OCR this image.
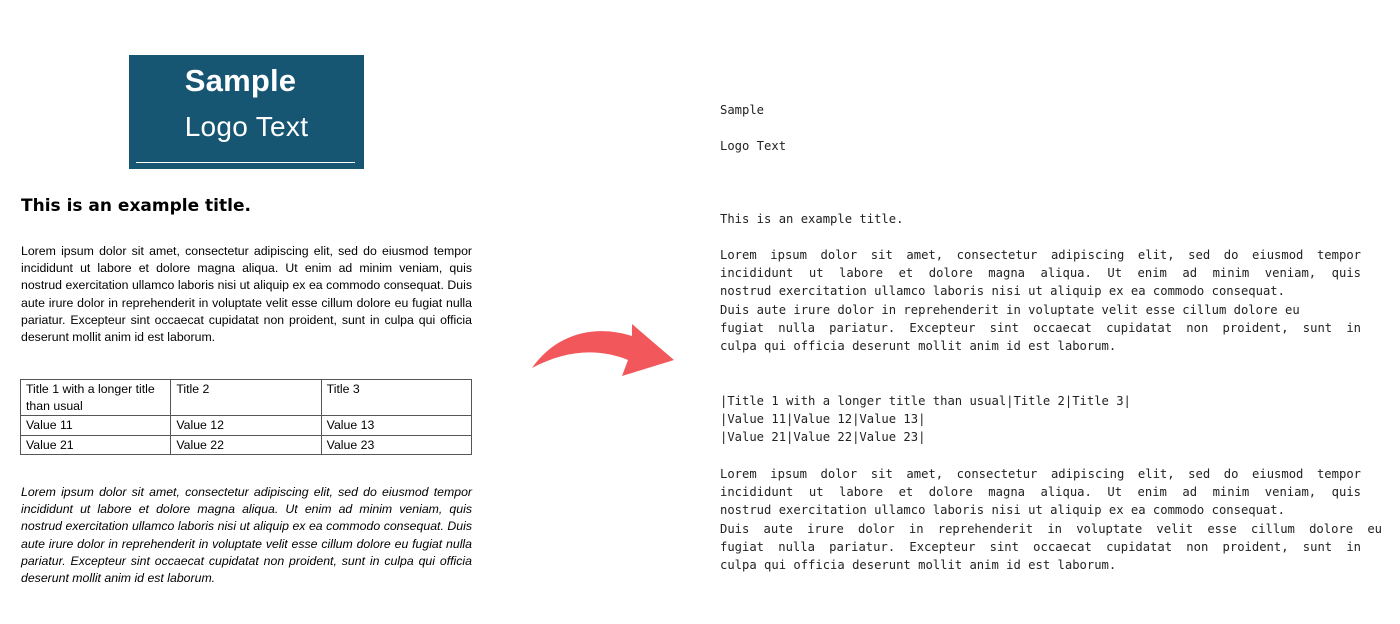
Sample
Logo Text
This is an example title.

Lorem ipsum dolor sit amet, consectetur adipiscing elit, sed do eiusmod tempor incididunt ut labore et dolore magna aliqua. Ut enim ad minim veniam, quis nostrud exercitation ullamco laboris nisi ut aliquip ex ea commodo consequat. Duis aute irure dolor in reprehenderit in voluptate velit esse cillum dolore eu fugiat nulla pariatur. Excepteur sint occaecat cupidatat non proident, sunt in culpa qui officia deserunt mollit anim id est laborum.

Title 1 with a longer title than usual	Title 2	Title 3
Value 11	Value 12	Value 13
Value 21	Value 22	Value 23

Lorem ipsum dolor sit amet, consectetur adipiscing elit, sed do eiusmod tempor incididunt ut labore et dolore magna aliqua. Ut enim ad minim veniam, quis nostrud exercitation ullamco laboris nisi ut aliquip ex ea commodo consequat. Duis aute irure dolor in reprehenderit in voluptate velit esse cillum dolore eu fugiat nulla pariatur. Excepteur sint occaecat cupidatat non proident, sunt in culpa qui officia deserunt mollit anim id est laborum.

Sample
Logo Text
This is an example title.
Lorem ipsum dolor sit amet, consectetur adipiscing elit, sed do eiusmod tempor
incididunt ut labore et dolore magna aliqua. Ut enim ad minim veniam, quis
nostrud exercitation ullamco laboris nisi ut aliquip ex ea commodo consequat.
Duis aute irure dolor in reprehenderit in voluptate velit esse cillum dolore eu
fugiat nulla pariatur. Excepteur sint occaecat cupidatat non proident, sunt in
culpa qui officia deserunt mollit anim id est laborum.
|Title 1 with a longer title than usual|Title 2|Title 3|
|Value 11|Value 12|Value 13|
|Value 21|Value 22|Value 23|
Lorem ipsum dolor sit amet, consectetur adipiscing elit, sed do eiusmod tempor
incididunt ut labore et dolore magna aliqua. Ut enim ad minim veniam, quis
nostrud exercitation ullamco laboris nisi ut aliquip ex ea commodo consequat.
Duis aute irure dolor in reprehenderit in voluptate velit esse cillum dolore eu
fugiat nulla pariatur. Excepteur sint occaecat cupidatat non proident, sunt in
culpa qui officia deserunt mollit anim id est laborum.
